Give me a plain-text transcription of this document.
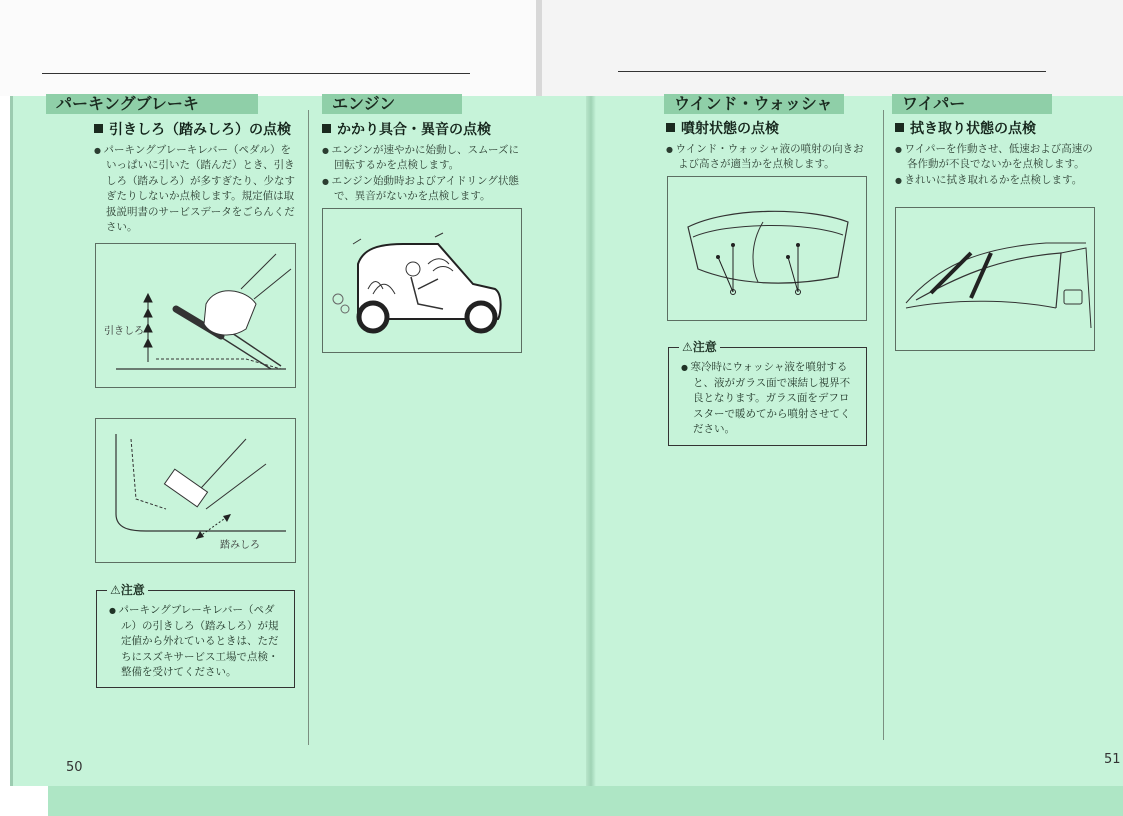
パーキングブレーキ	エンジン	ウインド・ウォッシャ	ワイパー
引きしろ（踏みしろ）の点検

● パーキングブレーキレバー（ペダル）をいっぱいに引いた（踏んだ）とき、引きしろ（踏みしろ）が多すぎたり、少なすぎたりしないか点検します。規定値は取扱説明書のサービスデータをごらんください。

引きしろ
踏みしろ
⚠注意

● パーキングブレーキレバー（ペダル）の引きしろ（踏みしろ）が規定値から外れているときは、ただちにスズキサービス工場で点検・整備を受けてください。

かかり具合・異音の点検

● エンジンが速やかに始動し、スムーズに回転するかを点検します。

● エンジン始動時およびアイドリング状態で、異音がないかを点検します。

50
噴射状態の点検

● ウインド・ウォッシャ液の噴射の向きおよび高さが適当かを点検します。

⚠注意

● 寒冷時にウォッシャ液を噴射すると、液がガラス面で凍結し視界不良となります。ガラス面をデフロスターで暖めてから噴射させてください。

拭き取り状態の点検

● ワイパーを作動させ、低速および高速の各作動が不良でないかを点検します。

● きれいに拭き取れるかを点検します。

51
